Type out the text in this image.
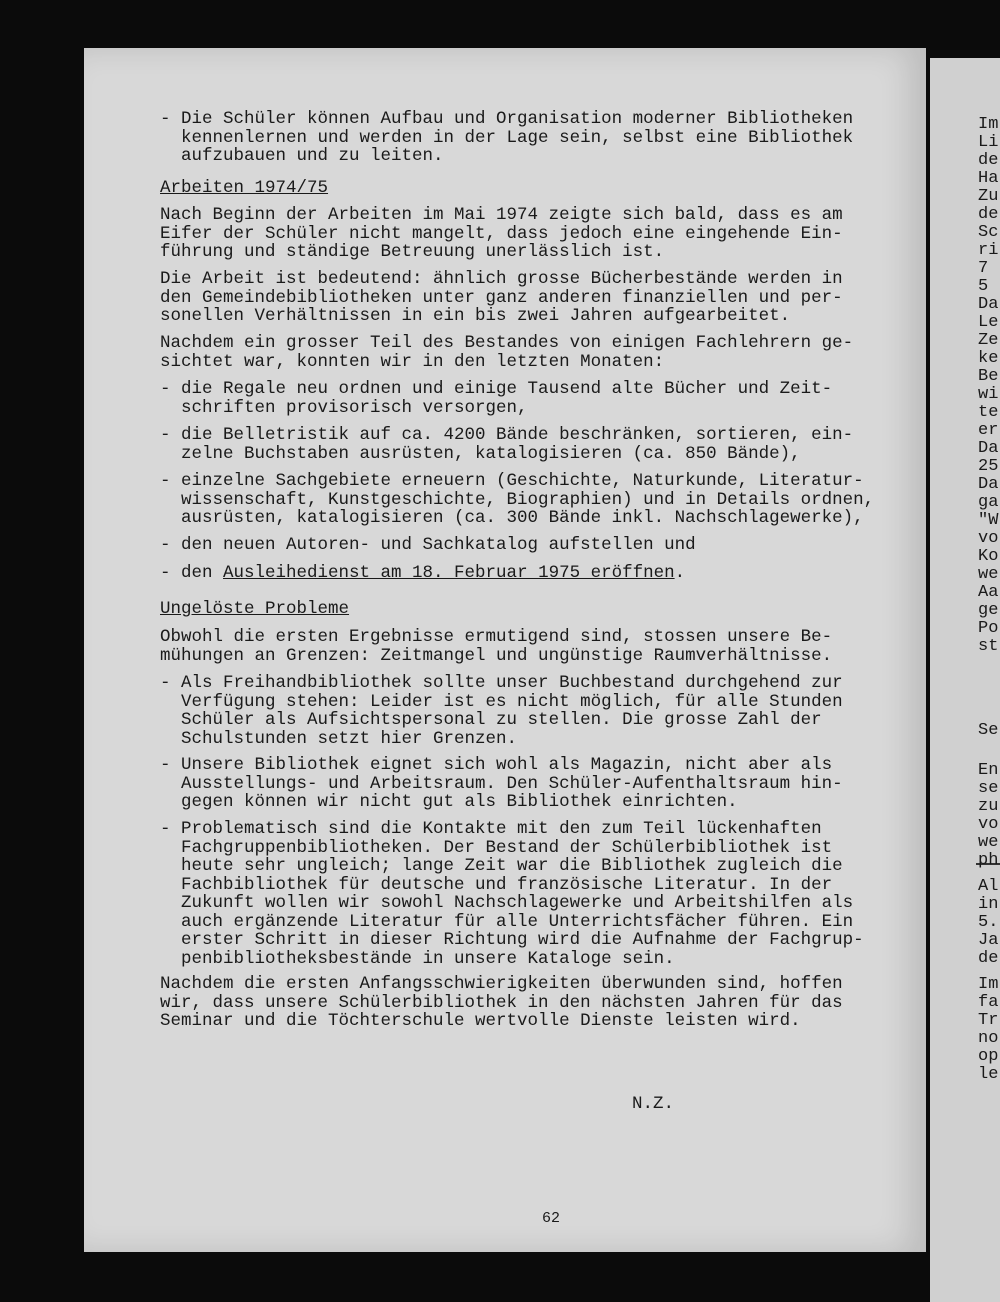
- Die Schüler können Aufbau und Organisation moderner Bibliotheken
kennenlernen und werden in der Lage sein, selbst eine Bibliothek
aufzubauen und zu leiten.
Arbeiten 1974/75
Nach Beginn der Arbeiten im Mai 1974 zeigte sich bald, dass es am
Eifer der Schüler nicht mangelt, dass jedoch eine eingehende Ein-
führung und ständige Betreuung unerlässlich ist.
Die Arbeit ist bedeutend: ähnlich grosse Bücherbestände werden in
den Gemeindebibliotheken unter ganz anderen finanziellen und per-
sonellen Verhältnissen in ein bis zwei Jahren aufgearbeitet.
Nachdem ein grosser Teil des Bestandes von einigen Fachlehrern ge-
sichtet war, konnten wir in den letzten Monaten:
- die Regale neu ordnen und einige Tausend alte Bücher und Zeit-
schriften provisorisch versorgen,
- die Belletristik auf ca. 4200 Bände beschränken, sortieren, ein-
zelne Buchstaben ausrüsten, katalogisieren (ca. 850 Bände),
- einzelne Sachgebiete erneuern (Geschichte, Naturkunde, Literatur-
wissenschaft, Kunstgeschichte, Biographien) und in Details ordnen,
ausrüsten, katalogisieren (ca. 300 Bände inkl. Nachschlagewerke),
- den neuen Autoren- und Sachkatalog aufstellen und
- den Ausleihedienst am 18. Februar 1975 eröffnen.
Ungelöste Probleme
Obwohl die ersten Ergebnisse ermutigend sind, stossen unsere Be-
mühungen an Grenzen: Zeitmangel und ungünstige Raumverhältnisse.
- Als Freihandbibliothek sollte unser Buchbestand durchgehend zur
Verfügung stehen: Leider ist es nicht möglich, für alle Stunden
Schüler als Aufsichtspersonal zu stellen. Die grosse Zahl der
Schulstunden setzt hier Grenzen.
- Unsere Bibliothek eignet sich wohl als Magazin, nicht aber als
Ausstellungs- und Arbeitsraum. Den Schüler-Aufenthaltsraum hin-
gegen können wir nicht gut als Bibliothek einrichten.
- Problematisch sind die Kontakte mit den zum Teil lückenhaften
Fachgruppenbibliotheken. Der Bestand der Schülerbibliothek ist
heute sehr ungleich; lange Zeit war die Bibliothek zugleich die
Fachbibliothek für deutsche und französische Literatur. In der
Zukunft wollen wir sowohl Nachschlagewerke und Arbeitshilfen als
auch ergänzende Literatur für alle Unterrichtsfächer führen. Ein
erster Schritt in dieser Richtung wird die Aufnahme der Fachgrup-
penbibliotheksbestände in unsere Kataloge sein.
Nachdem die ersten Anfangsschwierigkeiten überwunden sind, hoffen
wir, dass unsere Schülerbibliothek in den nächsten Jahren für das
Seminar und die Töchterschule wertvolle Dienste leisten wird.
N.Z.
62
Im
Li
de
Ha
Zu
de
Sc
ri
7
5
Da
Le
Ze
ke
Be
wi
te
er
Da
25
Da
ga
"W
vo
Ko
we
Aa
ge
Po
st
Se
En
se
zu
vo
we
ph
Al
in
5.
Ja
de
Im
fa
Tr
no
op
le
